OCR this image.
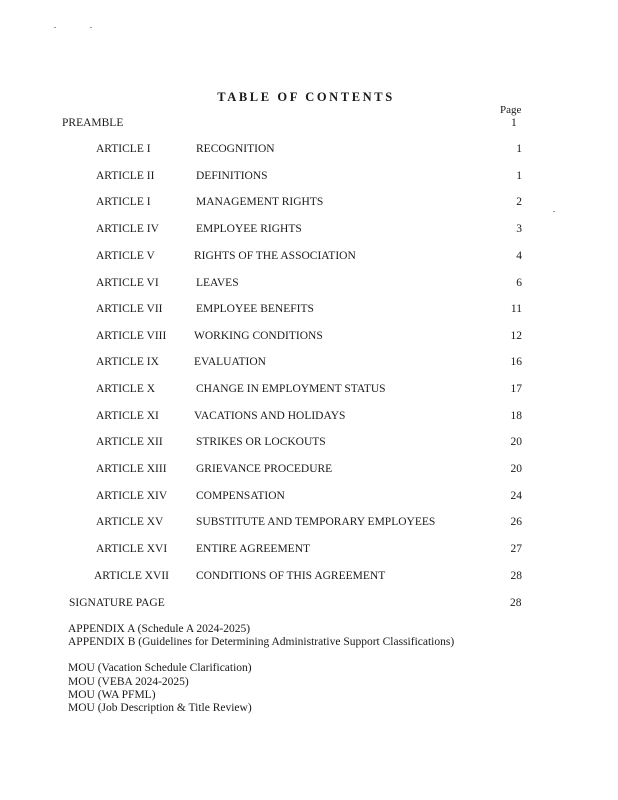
TABLE OF CONTENTS
Page
PREAMBLE	1
ARTICLE I	RECOGNITION	1
ARTICLE II	DEFINITIONS	1
ARTICLE I	MANAGEMENT RIGHTS	2
ARTICLE IV	EMPLOYEE RIGHTS	3
ARTICLE V	RIGHTS OF THE ASSOCIATION	4
ARTICLE VI	LEAVES	6
ARTICLE VII	EMPLOYEE BENEFITS	11
ARTICLE VIII WORKING CONDITIONS	12
ARTICLE IX	EVALUATION	16
ARTICLE X	CHANGE IN EMPLOYMENT STATUS	17
ARTICLE XI	VACATIONS AND HOLIDAYS	18
ARTICLE XII	STRIKES OR LOCKOUTS	20
ARTICLE XIII	GRIEVANCE PROCEDURE	20
ARTICLE XIV	COMPENSATION	24
ARTICLE XV	SUBSTITUTE AND TEMPORARY EMPLOYEES	26
ARTICLE XVI	ENTIRE AGREEMENT	27
ARTICLE XVII CONDITIONS OF THIS AGREEMENT	28
SIGNATURE PAGE	28
APPENDIX A (Schedule A 2024-2025)
APPENDIX B (Guidelines for Determining Administrative Support Classifications)
MOU (Vacation Schedule Clarification)
MOU (VEBA 2024-2025)
MOU (WA PFML)
MOU (Job Description & Title Review)
